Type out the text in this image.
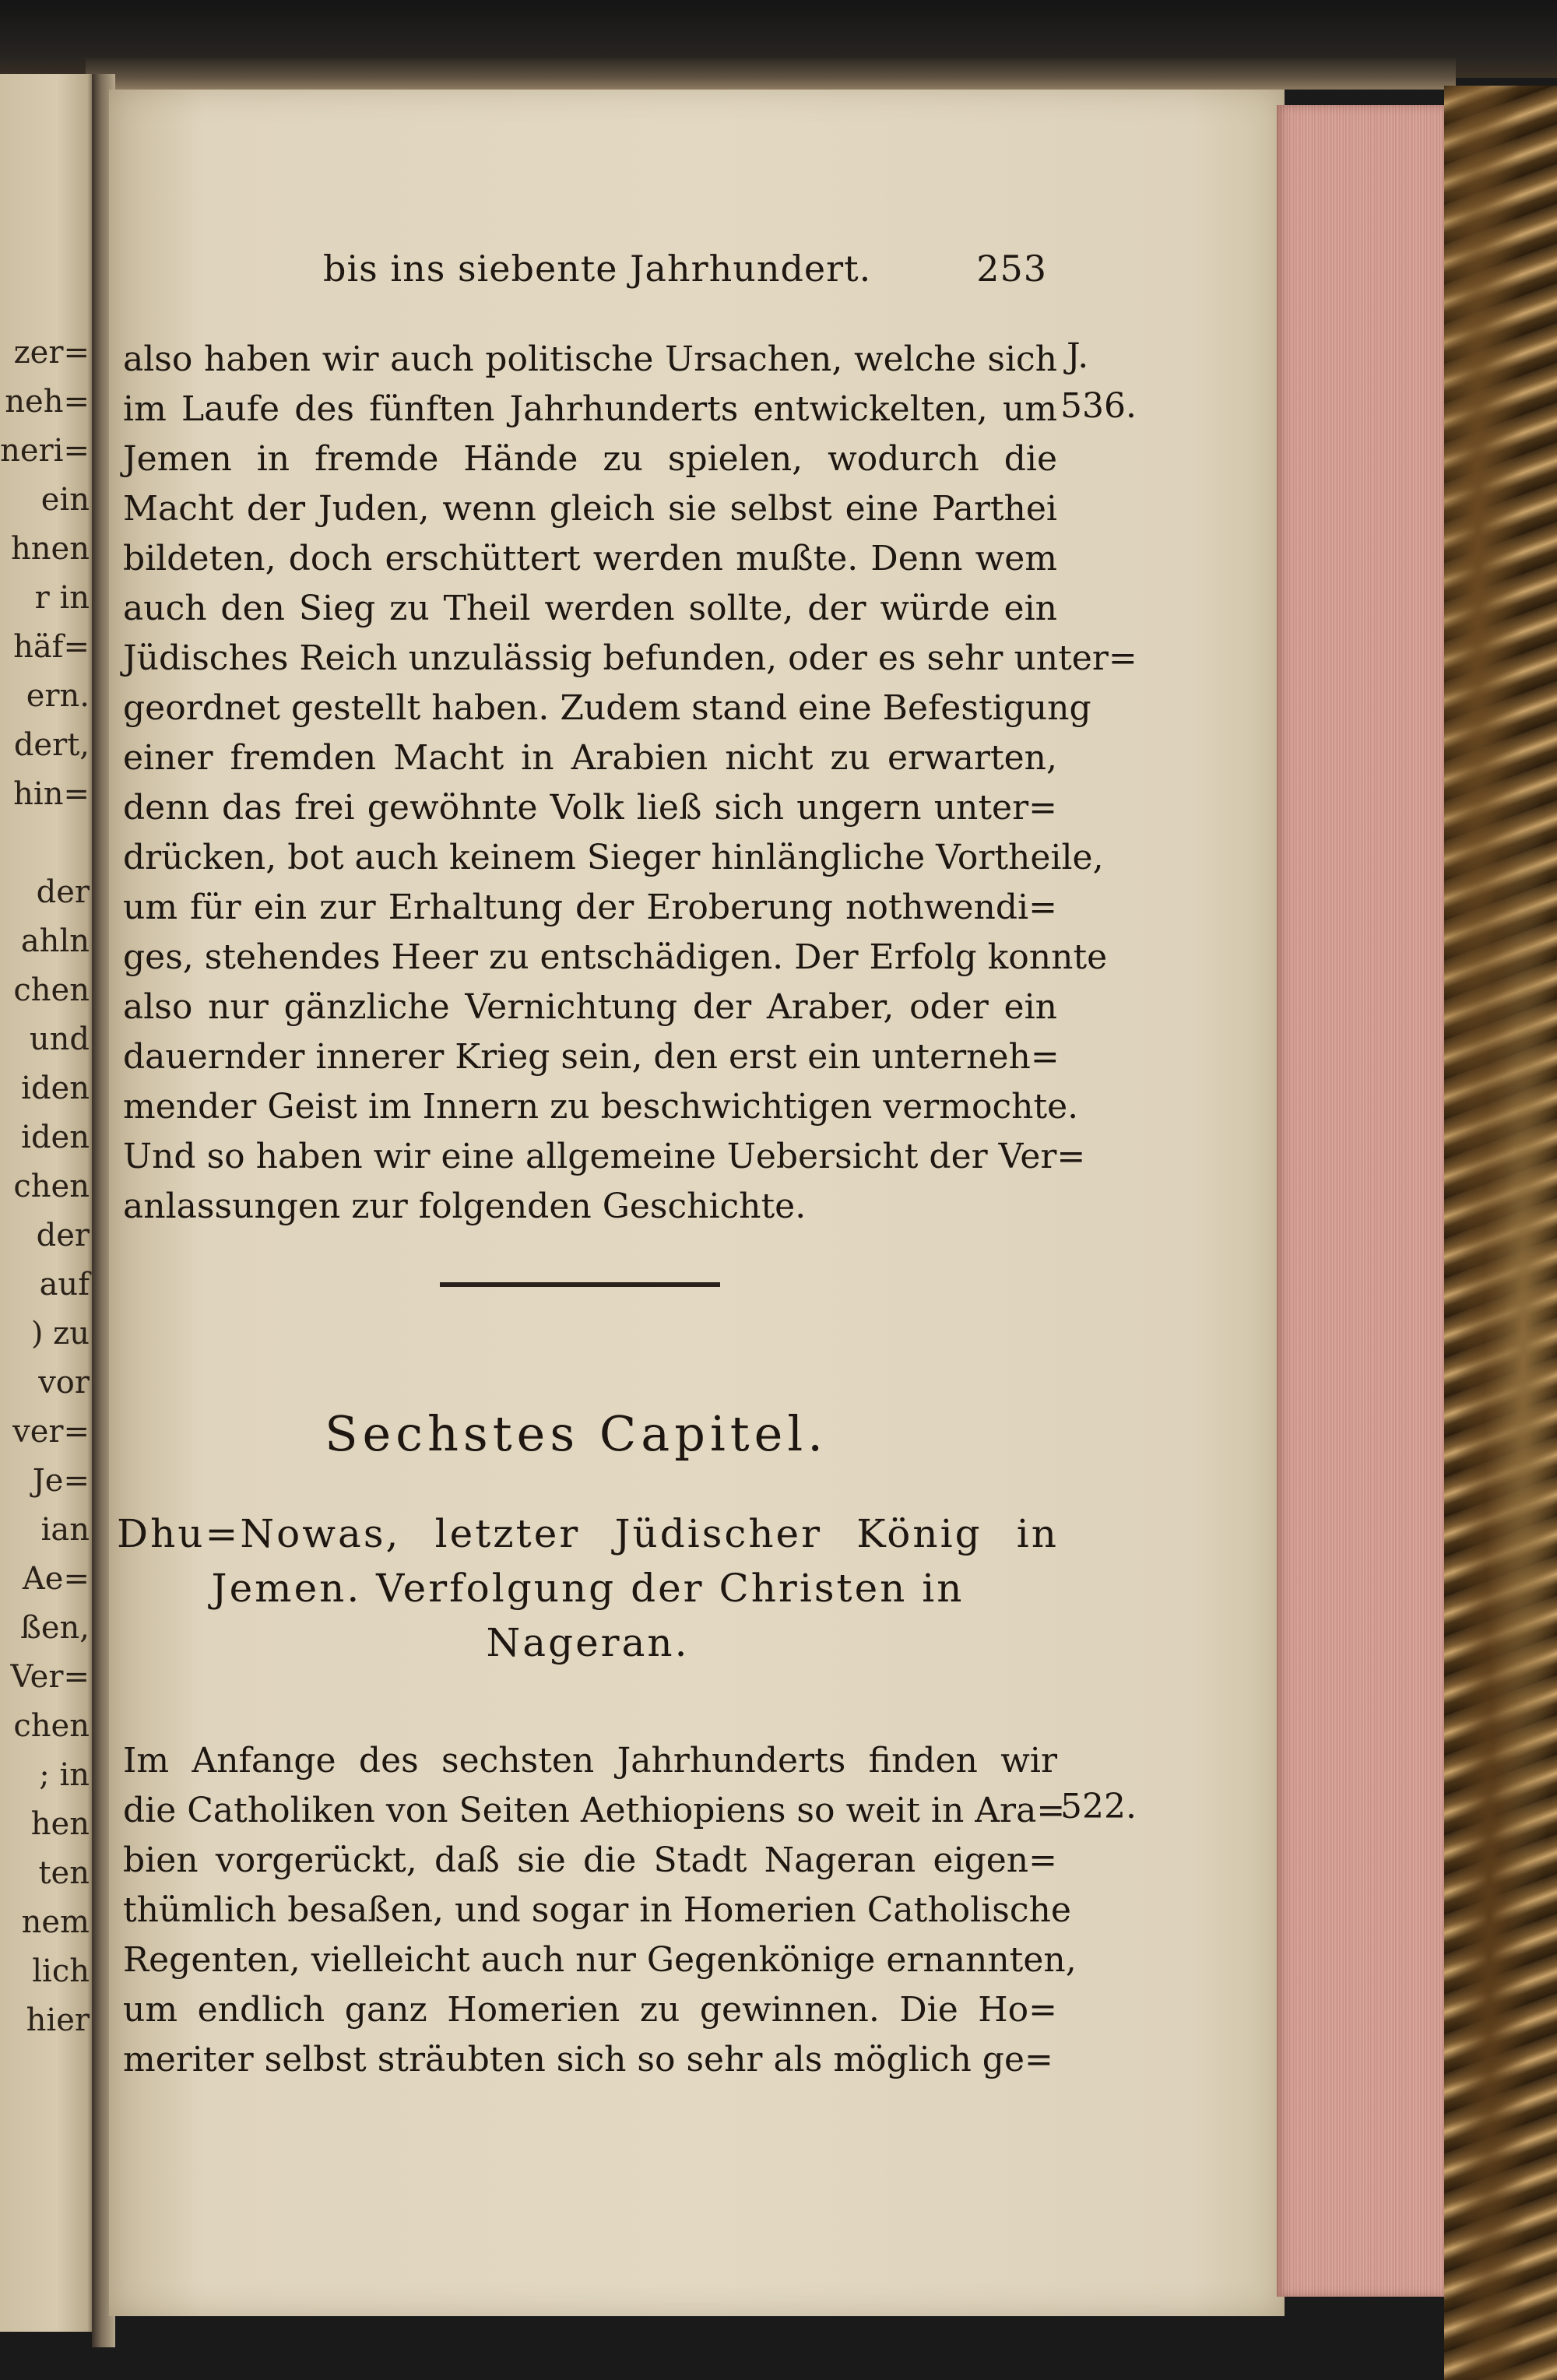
zer=
neh=
neri=
ein
hnen
r in
häf=
ern.
dert,
hin=
der
ahln
chen
und
iden
iden
chen
der
auf
) zu
vor
ver=
Je=
ian
Ae=
ßen,
Ver=
chen
; in
hen
ten
nem
lich
hier
bis ins siebente Jahrhundert.	253
also haben wir auch politische Ursachen, welche sich
im Laufe des fünften Jahrhunderts entwickelten, um
Jemen in fremde Hände zu spielen, wodurch die
Macht der Juden, wenn gleich sie selbst eine Parthei
bildeten, doch erschüttert werden mußte. Denn wem
auch den Sieg zu Theil werden sollte, der würde ein
Jüdisches Reich unzulässig befunden, oder es sehr unter=
geordnet gestellt haben. Zudem stand eine Befestigung
einer fremden Macht in Arabien nicht zu erwarten,
denn das frei gewöhnte Volk ließ sich ungern unter=
drücken, bot auch keinem Sieger hinlängliche Vortheile,
um für ein zur Erhaltung der Eroberung nothwendi=
ges, stehendes Heer zu entschädigen. Der Erfolg konnte
also nur gänzliche Vernichtung der Araber, oder ein
dauernder innerer Krieg sein, den erst ein unterneh=
mender Geist im Innern zu beschwichtigen vermochte.
Und so haben wir eine allgemeine Uebersicht der Ver=
anlassungen zur folgenden Geschichte.
J.
536.
Sechstes Capitel.
Dhu=Nowas, letzter Jüdischer König in
Jemen. Verfolgung der Christen in
Nageran.
Im Anfange des sechsten Jahrhunderts finden wir
die Catholiken von Seiten Aethiopiens so weit in Ara=
bien vorgerückt, daß sie die Stadt Nageran eigen=
thümlich besaßen, und sogar in Homerien Catholische
Regenten, vielleicht auch nur Gegenkönige ernannten,
um endlich ganz Homerien zu gewinnen. Die Ho=
meriter selbst sträubten sich so sehr als möglich ge=
522.
